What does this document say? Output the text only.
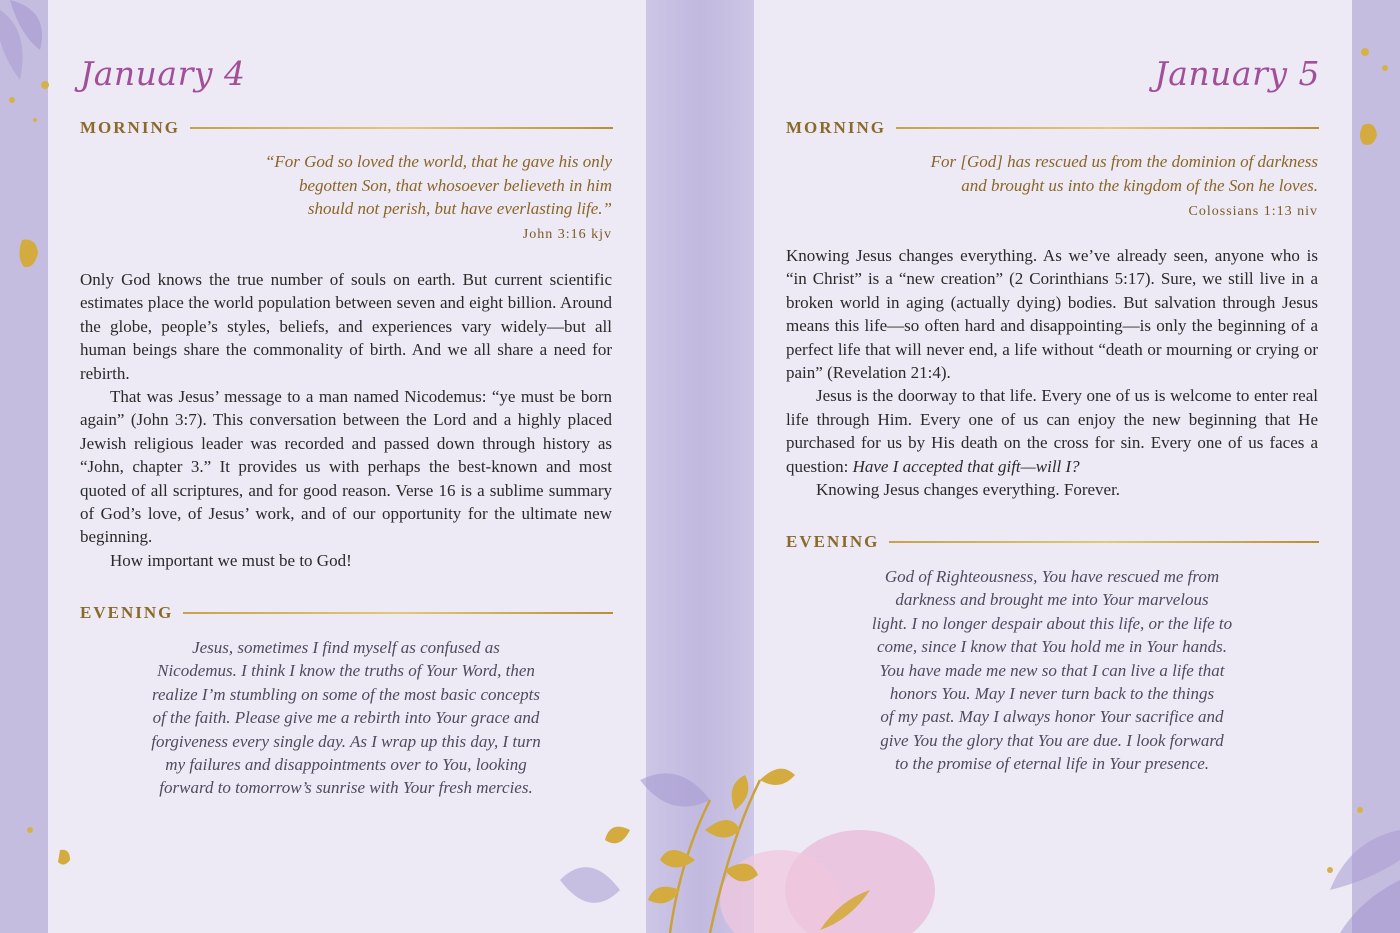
January 4
MORNING
“For God so loved the world, that he gave his only
begotten Son, that whosoever believeth in him
should not perish, but have everlasting life.”
John 3:16 kjv

Only God knows the true number of souls on earth. But current scientific estimates place the world population between seven and eight billion. Around the globe, people’s styles, beliefs, and experiences vary widely—but all human beings share the commonality of birth. And we all share a need for rebirth.

That was Jesus’ message to a man named Nicodemus: “ye must be born again” (John 3:7). This conversation between the Lord and a highly placed Jewish religious leader was recorded and passed down through history as “John, chapter 3.” It provides us with perhaps the best-known and most quoted of all scriptures, and for good reason. Verse 16 is a sublime summary of God’s love, of Jesus’ work, and of our opportunity for the ultimate new beginning.

How important we must be to God!

EVENING
Jesus, sometimes I find myself as confused as
Nicodemus. I think I know the truths of Your Word, then
realize I’m stumbling on some of the most basic concepts
of the faith. Please give me a rebirth into Your grace and
forgiveness every single day. As I wrap up this day, I turn
my failures and disappointments over to You, looking
forward to tomorrow’s sunrise with Your fresh mercies.
January 5
MORNING
For [God] has rescued us from the dominion of darkness
and brought us into the kingdom of the Son he loves.
Colossians 1:13 niv

Knowing Jesus changes everything. As we’ve already seen, anyone who is “in Christ” is a “new creation” (2 Corinthians 5:17). Sure, we still live in a broken world in aging (actually dying) bodies. But salvation through Jesus means this life—so often hard and disappointing—is only the beginning of a perfect life that will never end, a life without “death or mourning or crying or pain” (Revelation 21:4).

Jesus is the doorway to that life. Every one of us is welcome to enter real life through Him. Every one of us can enjoy the new beginning that He purchased for us by His death on the cross for sin. Every one of us faces a question: Have I accepted that gift—will I?

Knowing Jesus changes everything. Forever.

EVENING
God of Righteousness, You have rescued me from
darkness and brought me into Your marvelous
light. I no longer despair about this life, or the life to
come, since I know that You hold me in Your hands.
You have made me new so that I can live a life that
honors You. May I never turn back to the things
of my past. May I always honor Your sacrifice and
give You the glory that You are due. I look forward
to the promise of eternal life in Your presence.
